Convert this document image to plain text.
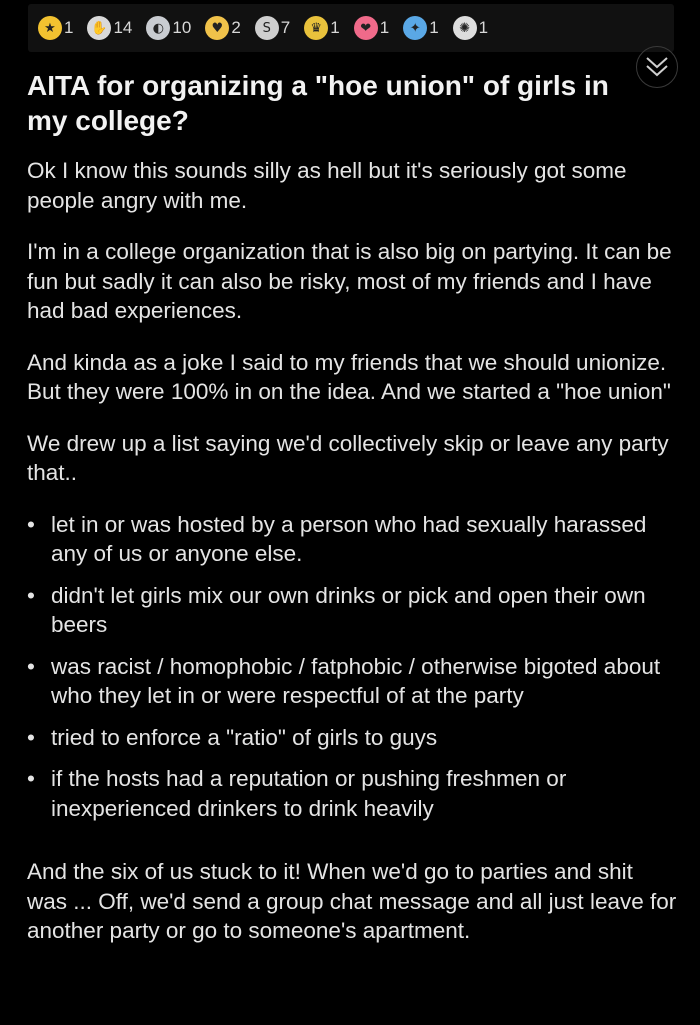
★ 1	✋ 14	◐ 10	♥ 2	S 7	♛ 1	❤ 1	✦ 1	✺ 1
AITA for organizing a "hoe union" of girls in my college?

Ok I know this sounds silly as hell but it's seriously got some people angry with me.

I'm in a college organization that is also big on partying. It can be fun but sadly it can also be risky, most of my friends and I have had bad experiences.

And kinda as a joke I said to my friends that we should unionize. But they were 100% in on the idea. And we started a "hoe union"

We drew up a list saying we'd collectively skip or leave any party that..

• let in or was hosted by a person who had sexually harassed any of us or anyone else.
• didn't let girls mix our own drinks or pick and open their own beers
• was racist / homophobic / fatphobic / otherwise bigoted about who they let in or were respectful of at the party
• tried to enforce a "ratio" of girls to guys
• if the hosts had a reputation or pushing freshmen or inexperienced drinkers to drink heavily

And the six of us stuck to it! When we'd go to parties and shit was ... Off, we'd send a group chat message and all just leave for another party or go to someone's apartment.
